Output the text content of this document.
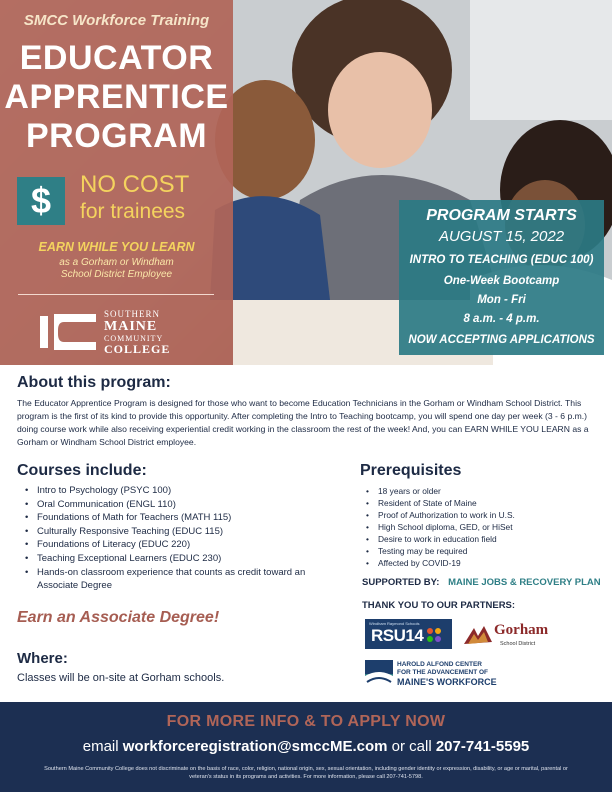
SMCC Workforce Training
EDUCATOR
APPRENTICE
PROGRAM
$	NO COST
for trainees
EARN WHILE YOU LEARN
as a Gorham or Windham
School District Employee
SOUTHERN
MAINE
COMMUNITY
COLLEGE
PROGRAM STARTS
AUGUST 15, 2022
INTRO TO TEACHING (EDUC 100)
One-Week Bootcamp
Mon - Fri
8 a.m. - 4 p.m.
NOW ACCEPTING APPLICATIONS
About this program:

The Educator Apprentice Program is designed for those who want to become Education Technicians in the Gorham or Windham School District. This program is the first of its kind to provide this opportunity. After completing the Intro to Teaching bootcamp, you will spend one day per week (3 - 6 p.m.) doing course work while also receiving experiential credit working in the classroom the rest of the week! And, you can EARN WHILE YOU LEARN as a Gorham or Windham School District employee.

Courses include:
• Intro to Psychology (PSYC 100)
• Oral Communication (ENGL 110)
• Foundations of Math for Teachers (MATH 115)
• Culturally Responsive Teaching (EDUC 115)
• Foundations of Literacy (EDUC 220)
• Teaching Exceptional Learners (EDUC 230)
• Hands-on classroom experience that counts as credit toward an Associate Degree
Earn an Associate Degree!
Where:
Classes will be on-site at Gorham schools.
Prerequisites
• 18 years or older
• Resident of State of Maine
• Proof of Authorization to work in U.S.
• High School diploma, GED, or HiSet
• Desire to work in education field
• Testing may be required
• Affected by COVID-19
SUPPORTED BY: MAINE JOBS & RECOVERY PLAN
THANK YOU TO OUR PARTNERS:
Windham Raymond Schools
RSU14	Gorham
School District
HAROLD ALFOND CENTER
FOR THE ADVANCEMENT OF
MAINE'S WORKFORCE
FOR MORE INFO & TO APPLY NOW
email workforceregistration@smccME.com or call 207-741-5595
Southern Maine Community College does not discriminate on the basis of race, color, religion, national origin, sex, sexual orientation, including gender identity or expression, disability, or age or marital, parental or veteran's status in its programs and activities. For more information, please call 207-741-5798.
